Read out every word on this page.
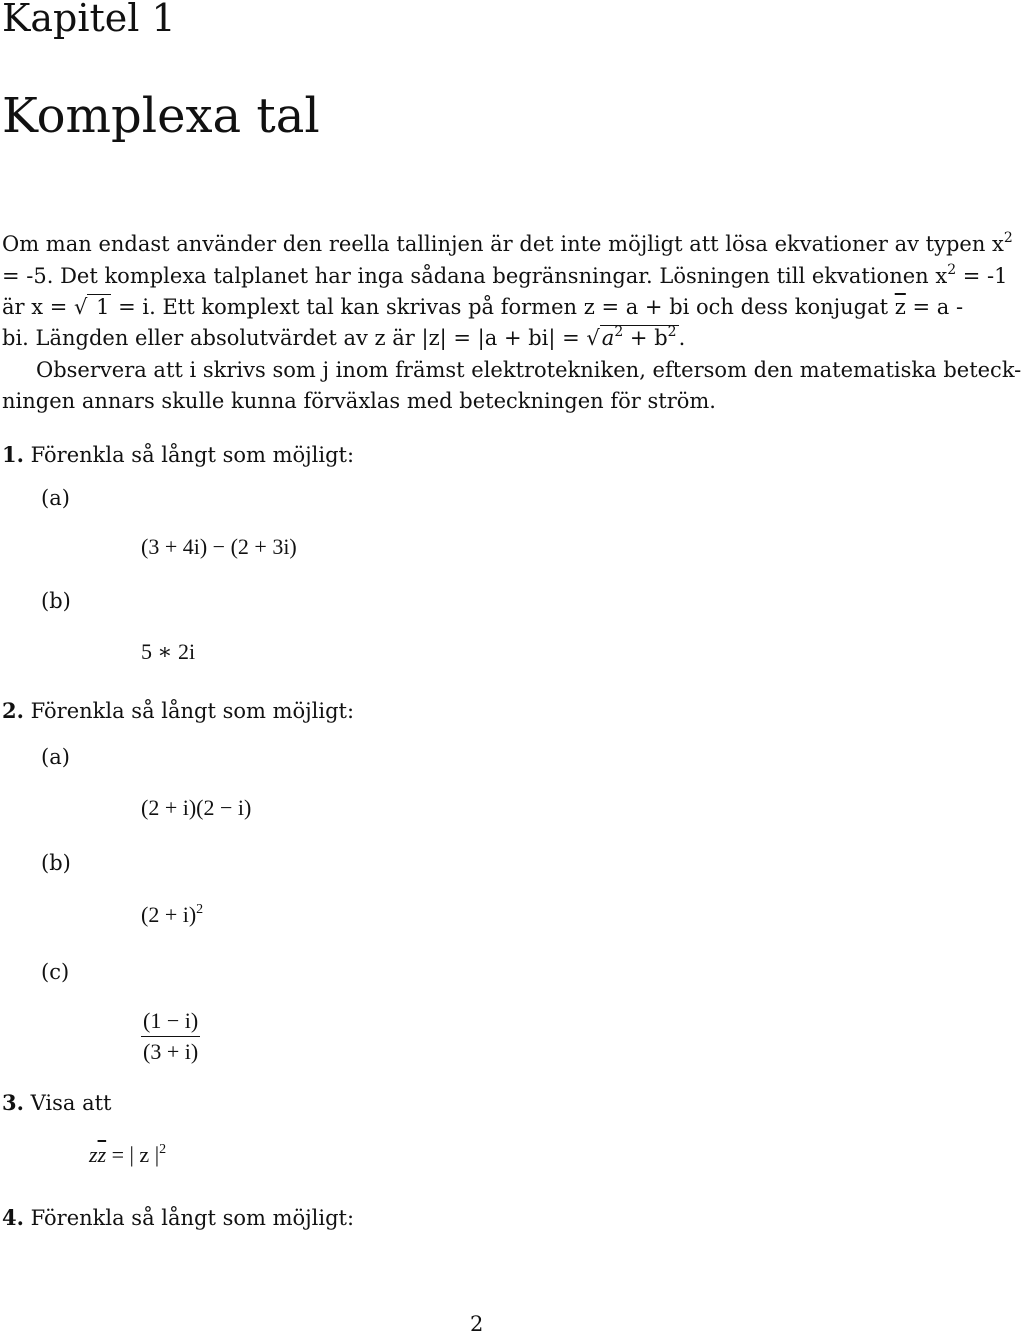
Kapitel 1
Komplexa tal
Om man endast använder den reella tallinjen är det inte möjligt att lösa ekvationer av typen $x^2$
= -5. Det komplexa talplanet har inga sådana begränsningar. Lösningen till ekvationen $x^2 = -1$
är x = √ 1 = i. Ett komplext tal kan skrivas på formen z = a + bi och dess konjugat $\overline{z} = a$ -
bi. Längden eller absolutvärdet av z är $|z| = |a + bi| = √a^2 + b^2$.
Observera att i skrivs som j inom främst elektrotekniken, eftersom den matematiska beteck-
ningen annars skulle kunna förväxlas med beteckningen för ström.
1. Förenkla så långt som möjligt:
(a)
(3 + 4i) − (2 + 3i)
(b)
5 ∗ 2i
2. Förenkla så långt som möjligt:
(a)
(2 + i)(2 − i)
(b)
$(2 + i)^2$
(c)
$\frac{(1 - i)}{(3 + i)}$
3. Visa att
$z\overline{z}$ = | z $|^2$
4. Förenkla så långt som möjligt:
2
